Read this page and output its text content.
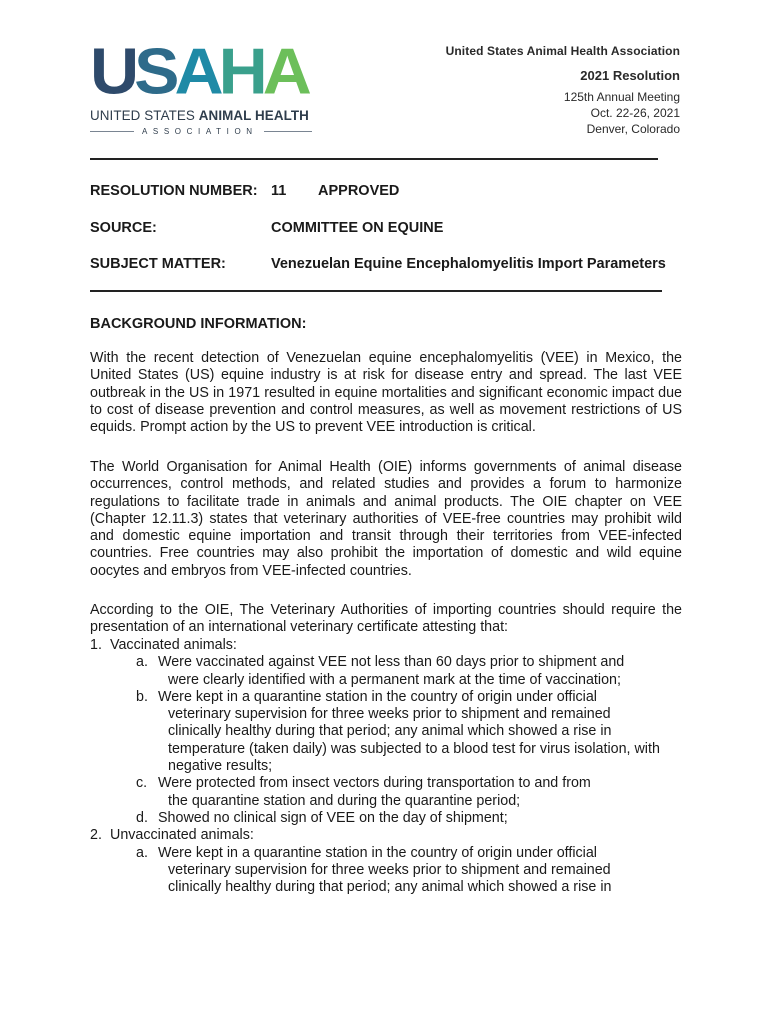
U S A H A
UNITED STATES ANIMAL HEALTH
ASSOCIATION
United States Animal Health Association
2021 Resolution
125th Annual Meeting
Oct. 22-26, 2021
Denver, Colorado
RESOLUTION NUMBER: 11 APPROVED
SOURCE:	COMMITTEE ON EQUINE
SUBJECT MATTER:	Venezuelan Equine Encephalomyelitis Import Parameters
BACKGROUND INFORMATION:

With the recent detection of Venezuelan equine encephalomyelitis (VEE) in Mexico, the United States (US) equine industry is at risk for disease entry and spread. The last VEE outbreak in the US in 1971 resulted in equine mortalities and significant economic impact due to cost of disease prevention and control measures, as well as movement restrictions of US equids. Prompt action by the US to prevent VEE introduction is critical.

The World Organisation for Animal Health (OIE) informs governments of animal disease occurrences, control methods, and related studies and provides a forum to harmonize regulations to facilitate trade in animals and animal products. The OIE chapter on VEE (Chapter 12.11.3) states that veterinary authorities of VEE-free countries may prohibit wild and domestic equine importation and transit through their territories from VEE-infected countries. Free countries may also prohibit the importation of domestic and wild equine oocytes and embryos from VEE-infected countries.

According to the OIE, The Veterinary Authorities of importing countries should require the presentation of an international veterinary certificate attesting that:

1. Vaccinated animals:
a. Were vaccinated against VEE not less than 60 days prior to shipment and
were clearly identified with a permanent mark at the time of vaccination;
b. Were kept in a quarantine station in the country of origin under official
veterinary supervision for three weeks prior to shipment and remained
clinically healthy during that period; any animal which showed a rise in
temperature (taken daily) was subjected to a blood test for virus isolation, with
negative results;
c. Were protected from insect vectors during transportation to and from
the quarantine station and during the quarantine period;
d. Showed no clinical sign of VEE on the day of shipment;
2. Unvaccinated animals:
a. Were kept in a quarantine station in the country of origin under official
veterinary supervision for three weeks prior to shipment and remained
clinically healthy during that period; any animal which showed a rise in
